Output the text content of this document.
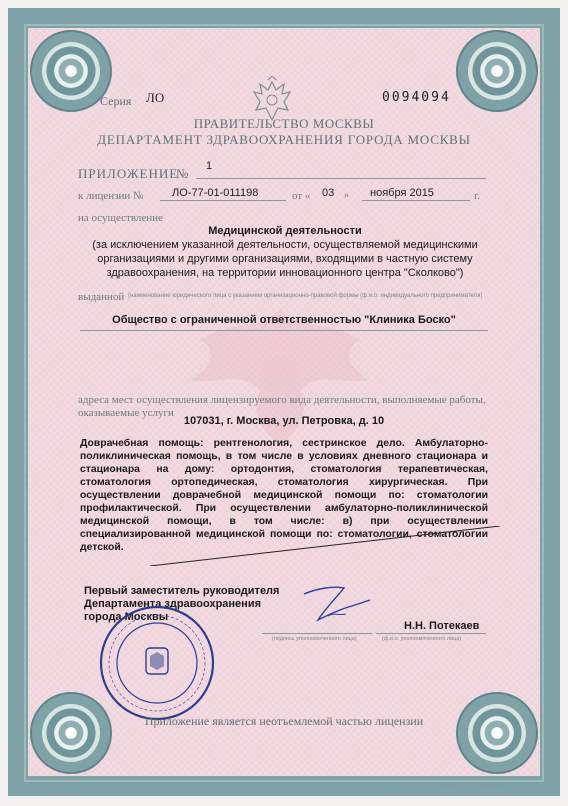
Серия ЛО	0094094

ПРАВИТЕЛЬСТВО МОСКВЫ

ДЕПАРТАМЕНТ ЗДРАВООХРАНЕНИЯ ГОРОДА МОСКВЫ

ПРИЛОЖЕНИЕ
№ 1
к лицензии №	ЛО-77-01-011198	от « 03 » ноября 2015	г.
на осуществление
Медицинской деятельности
(за исключением указанной деятельности, осуществляемой медицинскими организациями и другими организациями, входящими в частную систему здравоохранения, на территории инновационного центра "Сколково")
выданной (наименование юридического лица с указанием организационно-правовой формы (ф.и.о. индивидуального предпринимателя)

Общество с ограниченной ответственностью "Клиника Боско"

адреса мест осуществления лицензируемого вида деятельности, выполняемые работы, оказываемые услуги

107031, г. Москва, ул. Петровка, д. 10

Доврачебная помощь: рентгенология, сестринское дело. Амбулаторно-поликлиническая помощь, в том числе в условиях дневного стационара и стационара на дому: ортодонтия, стоматология терапевтическая, стоматология ортопедическая, стоматология хирургическая. При осуществлении доврачебной медицинской помощи по: стоматологии профилактической. При осуществлении амбулаторно-поликлинической медицинской помощи, в том числе: в) при осуществлении специализированной медицинской помощи по: стоматологии, стоматологии детской.
Первый заместитель руководителя Департамента здравоохранения города Москвы
(подпись уполномоченного лица)	(ф.и.о. уполномоченного лица)
Н.Н. Потекаев

Приложение является неотъемлемой частью лицензии

А40Б	ООО «ИТТРИ», г. Москва, 2014 год, уровень Б
